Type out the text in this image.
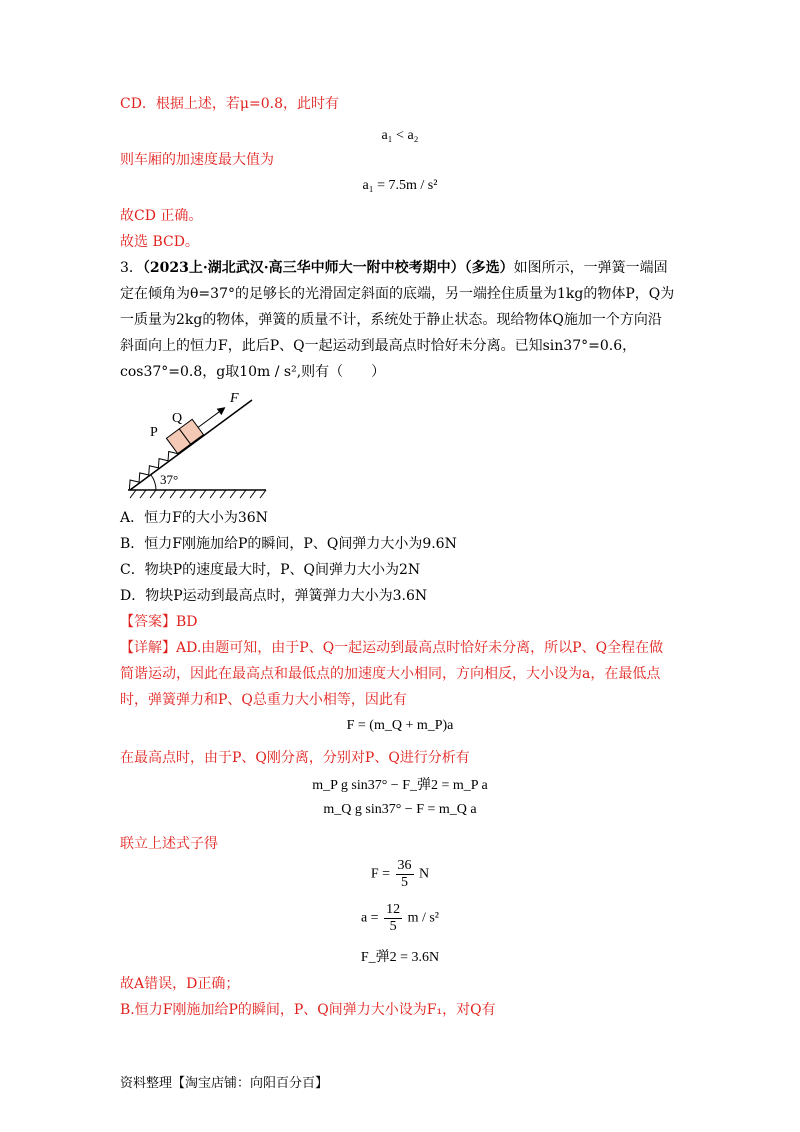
CD．根据上述，若μ=0.8，此时有
a₁ < a₂
则车厢的加速度最大值为
a₁ = 7.5m / s²
故CD 正确。
故选 BCD。
3．（2023上·湖北武汉·高三华中师大一附中校考期中）（多选）如图所示，一弹簧一端固
定在倾角为θ=37°的足够长的光滑固定斜面的底端，另一端拴住质量为1kg的物体P，Q为
一质量为2kg的物体，弹簧的质量不计，系统处于静止状态。现给物体Q施加一个方向沿
斜面向上的恒力F，此后P、Q一起运动到最高点时恰好未分离。已知sin37°=0.6，
cos37°=0.8，g取10m / s²,则有（　　）
37°
P
Q
F
A．恒力F的大小为36N
B．恒力F刚施加给P的瞬间，P、Q间弹力大小为9.6N
C．物块P的速度最大时，P、Q间弹力大小为2N
D．物块P运动到最高点时，弹簧弹力大小为3.6N
【答案】BD
【详解】AD.由题可知，由于P、Q一起运动到最高点时恰好未分离，所以P、Q全程在做
简谐运动，因此在最高点和最低点的加速度大小相同，方向相反，大小设为a，在最低点
时，弹簧弹力和P、Q总重力大小相等，因此有
F = (m_Q + m_P)a
在最高点时，由于P、Q刚分离，分别对P、Q进行分析有
m_P g sin37° − F_弹2 = m_P a
m_Q g sin37° − F = m_Q a
联立上述式子得
$F = \frac{36}{5}$ N
$a = \frac{12}{5}$ m / s²
F_弹2 = 3.6N
故A错误，D正确；
B.恒力F刚施加给P的瞬间，P、Q间弹力大小设为F₁，对Q有
资料整理【淘宝店铺：向阳百分百】
